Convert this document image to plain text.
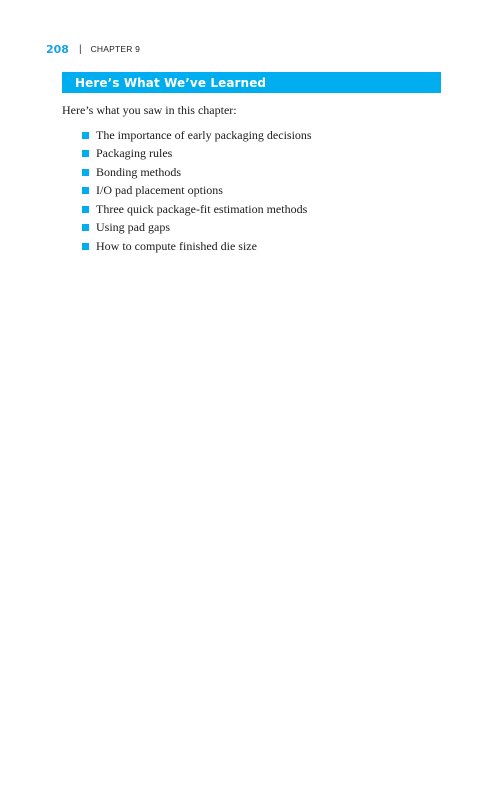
208 | CHAPTER 9
Here’s What We’ve Learned

Here’s what you saw in this chapter:

The importance of early packaging decisions
Packaging rules
Bonding methods
I/O pad placement options
Three quick package-fit estimation methods
Using pad gaps
How to compute finished die size
